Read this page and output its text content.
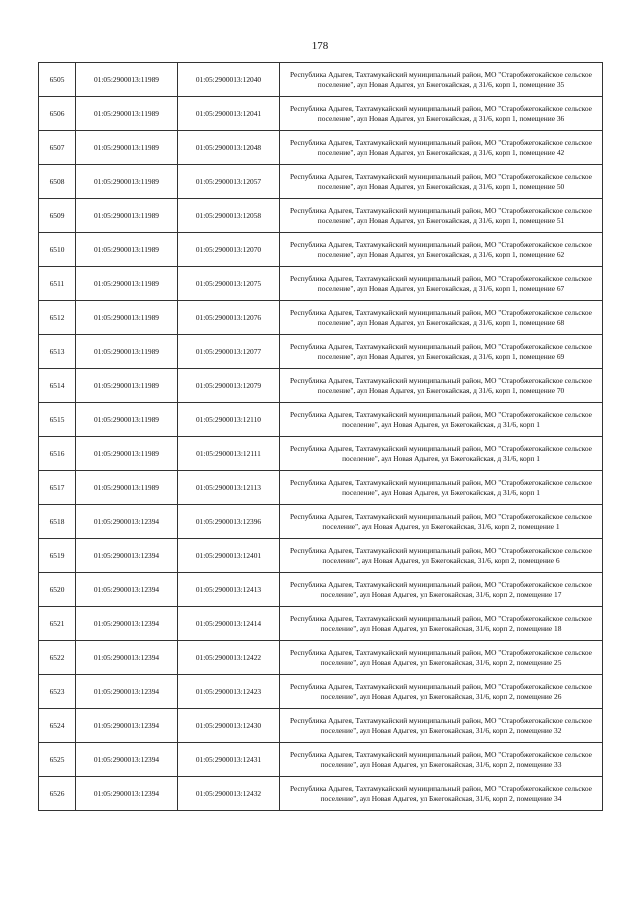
178
6505	01:05:2900013:11989	01:05:2900013:12040	Республика Адыгея, Тахтамукайский муниципальный район, МО "Старобжегокайское сельское поселение", аул Новая Адыгея, ул Бжегокайская, д 31/6, корп 1, помещение 35
6506	01:05:2900013:11989	01:05:2900013:12041	Республика Адыгея, Тахтамукайский муниципальный район, МО "Старобжегокайское сельское поселение", аул Новая Адыгея, ул Бжегокайская, д 31/6, корп 1, помещение 36
6507	01:05:2900013:11989	01:05:2900013:12048	Республика Адыгея, Тахтамукайский муниципальный район, МО "Старобжегокайское сельское поселение", аул Новая Адыгея, ул Бжегокайская, д 31/6, корп 1, помещение 42
6508	01:05:2900013:11989	01:05:2900013:12057	Республика Адыгея, Тахтамукайский муниципальный район, МО "Старобжегокайское сельское поселение", аул Новая Адыгея, ул Бжегокайская, д 31/6, корп 1, помещение 50
6509	01:05:2900013:11989	01:05:2900013:12058	Республика Адыгея, Тахтамукайский муниципальный район, МО "Старобжегокайское сельское поселение", аул Новая Адыгея, ул Бжегокайская, д 31/6, корп 1, помещение 51
6510	01:05:2900013:11989	01:05:2900013:12070	Республика Адыгея, Тахтамукайский муниципальный район, МО "Старобжегокайское сельское поселение", аул Новая Адыгея, ул Бжегокайская, д 31/6, корп 1, помещение 62
6511	01:05:2900013:11989	01:05:2900013:12075	Республика Адыгея, Тахтамукайский муниципальный район, МО "Старобжегокайское сельское поселение", аул Новая Адыгея, ул Бжегокайская, д 31/6, корп 1, помещение 67
6512	01:05:2900013:11989	01:05:2900013:12076	Республика Адыгея, Тахтамукайский муниципальный район, МО "Старобжегокайское сельское поселение", аул Новая Адыгея, ул Бжегокайская, д 31/6, корп 1, помещение 68
6513	01:05:2900013:11989	01:05:2900013:12077	Республика Адыгея, Тахтамукайский муниципальный район, МО "Старобжегокайское сельское поселение", аул Новая Адыгея, ул Бжегокайская, д 31/6, корп 1, помещение 69
6514	01:05:2900013:11989	01:05:2900013:12079	Республика Адыгея, Тахтамукайский муниципальный район, МО "Старобжегокайское сельское поселение", аул Новая Адыгея, ул Бжегокайская, д 31/6, корп 1, помещение 70
6515	01:05:2900013:11989	01:05:2900013:12110	Республика Адыгея, Тахтамукайский муниципальный район, МО "Старобжегокайское сельское поселение", аул Новая Адыгея, ул Бжегокайская, д 31/6, корп 1
6516	01:05:2900013:11989	01:05:2900013:12111	Республика Адыгея, Тахтамукайский муниципальный район, МО "Старобжегокайское сельское поселение", аул Новая Адыгея, ул Бжегокайская, д 31/6, корп 1
6517	01:05:2900013:11989	01:05:2900013:12113	Республика Адыгея, Тахтамукайский муниципальный район, МО "Старобжегокайское сельское поселение", аул Новая Адыгея, ул Бжегокайская, д 31/6, корп 1
6518	01:05:2900013:12394	01:05:2900013:12396	Республика Адыгея, Тахтамукайский муниципальный район, МО "Старобжегокайское сельское поселение", аул Новая Адыгея, ул Бжегокайская, 31/6, корп 2, помещение 1
6519	01:05:2900013:12394	01:05:2900013:12401	Республика Адыгея, Тахтамукайский муниципальный район, МО "Старобжегокайское сельское поселение", аул Новая Адыгея, ул Бжегокайская, 31/6, корп 2, помещение 6
6520	01:05:2900013:12394	01:05:2900013:12413	Республика Адыгея, Тахтамукайский муниципальный район, МО "Старобжегокайское сельское поселение", аул Новая Адыгея, ул Бжегокайская, 31/6, корп 2, помещение 17
6521	01:05:2900013:12394	01:05:2900013:12414	Республика Адыгея, Тахтамукайский муниципальный район, МО "Старобжегокайское сельское поселение", аул Новая Адыгея, ул Бжегокайская, 31/6, корп 2, помещение 18
6522	01:05:2900013:12394	01:05:2900013:12422	Республика Адыгея, Тахтамукайский муниципальный район, МО "Старобжегокайское сельское поселение", аул Новая Адыгея, ул Бжегокайская, 31/6, корп 2, помещение 25
6523	01:05:2900013:12394	01:05:2900013:12423	Республика Адыгея, Тахтамукайский муниципальный район, МО "Старобжегокайское сельское поселение", аул Новая Адыгея, ул Бжегокайская, 31/6, корп 2, помещение 26
6524	01:05:2900013:12394	01:05:2900013:12430	Республика Адыгея, Тахтамукайский муниципальный район, МО "Старобжегокайское сельское поселение", аул Новая Адыгея, ул Бжегокайская, 31/6, корп 2, помещение 32
6525	01:05:2900013:12394	01:05:2900013:12431	Республика Адыгея, Тахтамукайский муниципальный район, МО "Старобжегокайское сельское поселение", аул Новая Адыгея, ул Бжегокайская, 31/6, корп 2, помещение 33
6526	01:05:2900013:12394	01:05:2900013:12432	Республика Адыгея, Тахтамукайский муниципальный район, МО "Старобжегокайское сельское поселение", аул Новая Адыгея, ул Бжегокайская, 31/6, корп 2, помещение 34
